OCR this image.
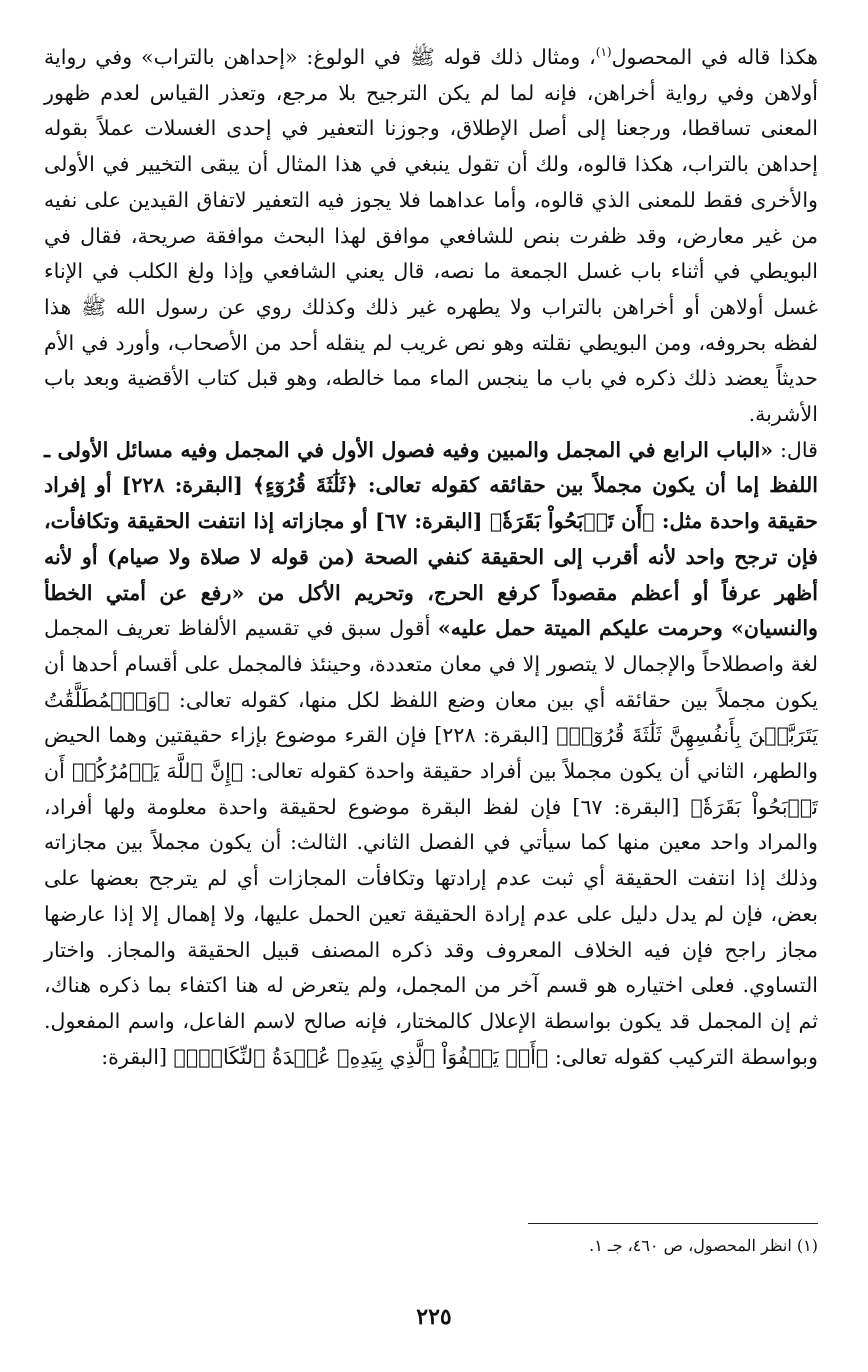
هكذا قاله في المحصول$^{(١)}$، ومثال ذلك قوله ﷺ في الولوغ: «إحداهن بالتراب» وفي رواية أولاهن وفي رواية أخراهن، فإنه لما لم يكن الترجيح بلا مرجع، وتعذر القياس لعدم ظهور المعنى تساقطا، ورجعنا إلى أصل الإطلاق، وجوزنا التعفير في إحدى الغسلات عملاً بقوله إحداهن بالتراب، هكذا قالوه، ولك أن تقول ينبغي في هذا المثال أن يبقى التخيير في الأولى والأخرى فقط للمعنى الذي قالوه، وأما عداهما فلا يجوز فيه التعفير لاتفاق القيدين على نفيه من غير معارض، وقد ظفرت بنص للشافعي موافق لهذا البحث موافقة صريحة، فقال في البويطي في أثناء باب غسل الجمعة ما نصه، قال يعني الشافعي وإذا ولغ الكلب في الإناء غسل أولاهن أو أخراهن بالتراب ولا يطهره غير ذلك وكذلك روي عن رسول الله ﷺ هذا لفظه بحروفه، ومن البويطي نقلته وهو نص غريب لم ينقله أحد من الأصحاب، وأورد في الأم حديثاً يعضد ذلك ذكره في باب ما ينجس الماء مما خالطه، وهو قبل كتاب الأقضية وبعد باب الأشربة.

قال: «الباب الرابع في المجمل والمبين وفيه فصول الأول في المجمل وفيه مسائل الأولى ـ اللفظ إما أن يكون مجملاً بين حقائقه كقوله تعالى: ﴿ثَلَٰثَةَ قُرُوٓءٍ﴾ [البقرة: ٢٢٨] أو إفراد حقيقة واحدة مثل: ﴿أَن تَذۡبَحُواْ بَقَرَةٗ﴾ [البقرة: ٦٧] أو مجازاته إذا انتفت الحقيقة وتكافأت، فإن ترجح واحد لأنه أقرب إلى الحقيقة كنفي الصحة (من قوله لا صلاة ولا صيام) أو لأنه أظهر عرفاً أو أعظم مقصوداً كرفع الحرج، وتحريم الأكل من «رفع عن أمتي الخطأ والنسيان» وحرمت عليكم الميتة حمل عليه» أقول سبق في تقسيم الألفاظ تعريف المجمل لغة واصطلاحاً والإجمال لا يتصور إلا في معان متعددة، وحينئذ فالمجمل على أقسام أحدها أن يكون مجملاً بين حقائقه أي بين معان وضع اللفظ لكل منها، كقوله تعالى: ﴿وَٱلۡمُطَلَّقَٰتُ يَتَرَبَّصۡنَ بِأَنفُسِهِنَّ ثَلَٰثَةَ قُرُوٓءٖ﴾ [البقرة: ٢٢٨] فإن القرء موضوع بإزاء حقيقتين وهما الحيض والطهر، الثاني أن يكون مجملاً بين أفراد حقيقة واحدة كقوله تعالى: ﴿إِنَّ ٱللَّهَ يَأۡمُرُكُمۡ أَن تَذۡبَحُواْ بَقَرَةٗ﴾ [البقرة: ٦٧] فإن لفظ البقرة موضوع لحقيقة واحدة معلومة ولها أفراد، والمراد واحد معين منها كما سيأتي في الفصل الثاني. الثالث: أن يكون مجملاً بين مجازاته وذلك إذا انتفت الحقيقة أي ثبت عدم إرادتها وتكافأت المجازات أي لم يترجح بعضها على بعض، فإن لم يدل دليل على عدم إرادة الحقيقة تعين الحمل عليها، ولا إهمال إلا إذا عارضها مجاز راجح فإن فيه الخلاف المعروف وقد ذكره المصنف قبيل الحقيقة والمجاز. واختار التساوي. فعلى اختياره هو قسم آخر من المجمل، ولم يتعرض له هنا اكتفاء بما ذكره هناك، ثم إن المجمل قد يكون بواسطة الإعلال كالمختار، فإنه صالح لاسم الفاعل، واسم المفعول. وبواسطة التركيب كقوله تعالى: ﴿أَوۡ يَعۡفُوَاْ ٱلَّذِي بِيَدِهِۦ عُقۡدَةُ ٱلنِّكَاحِۚ﴾ [البقرة:

(١) انظر المحصول، ص ٤٦٠، جـ ١.
٢٢٥
